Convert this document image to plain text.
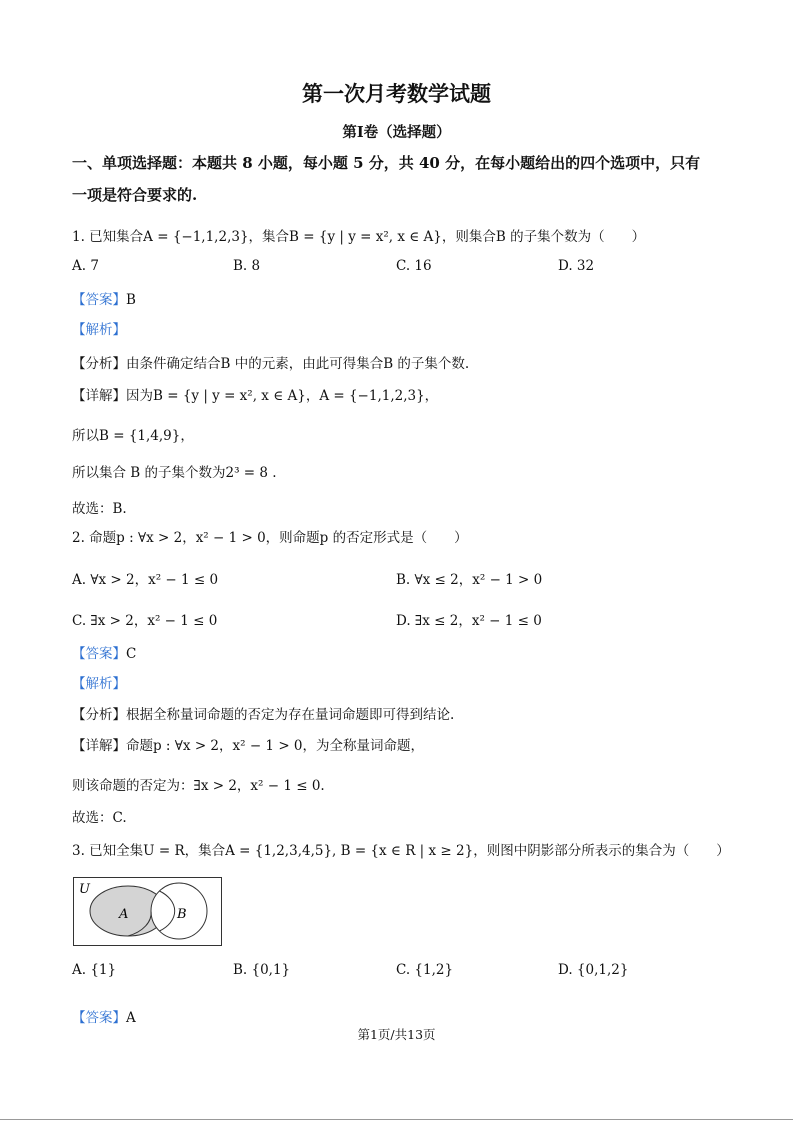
第一次月考数学试题
第I卷（选择题）
一、单项选择题：本题共 8 小题，每小题 5 分，共 40 分，在每小题给出的四个选项中，只有
一项是符合要求的.
1. 已知集合A = {−1,1,2,3}，集合B = {y | y = x², x ∈ A}，则集合B 的子集个数为（　　）
A. 7	B. 8	C. 16	D. 32
【答案】B
【解析】
【分析】由条件确定结合B 中的元素，由此可得集合B 的子集个数.
【详解】因为B = {y | y = x², x ∈ A}，A = {−1,1,2,3}，
所以B = {1,4,9}，
所以集合 B 的子集个数为2³ = 8 .
故选：B.
2. 命题p : ∀x > 2，x² − 1 > 0，则命题p 的否定形式是（　　）
A. ∀x > 2，x² − 1 ≤ 0	B. ∀x ≤ 2，x² − 1 > 0
C. ∃x > 2，x² − 1 ≤ 0	D. ∃x ≤ 2，x² − 1 ≤ 0
【答案】C
【解析】
【分析】根据全称量词命题的否定为存在量词命题即可得到结论.
【详解】命题p : ∀x > 2，x² − 1 > 0，为全称量词命题，
则该命题的否定为：∃x > 2，x² − 1 ≤ 0.
故选：C.
3. 已知全集U = R，集合A = {1,2,3,4,5}, B = {x ∈ R | x ≥ 2}，则图中阴影部分所表示的集合为（　　）
U
A	B
A. {1}	B. {0,1}	C. {1,2}	D. {0,1,2}
【答案】A
第1页/共13页
